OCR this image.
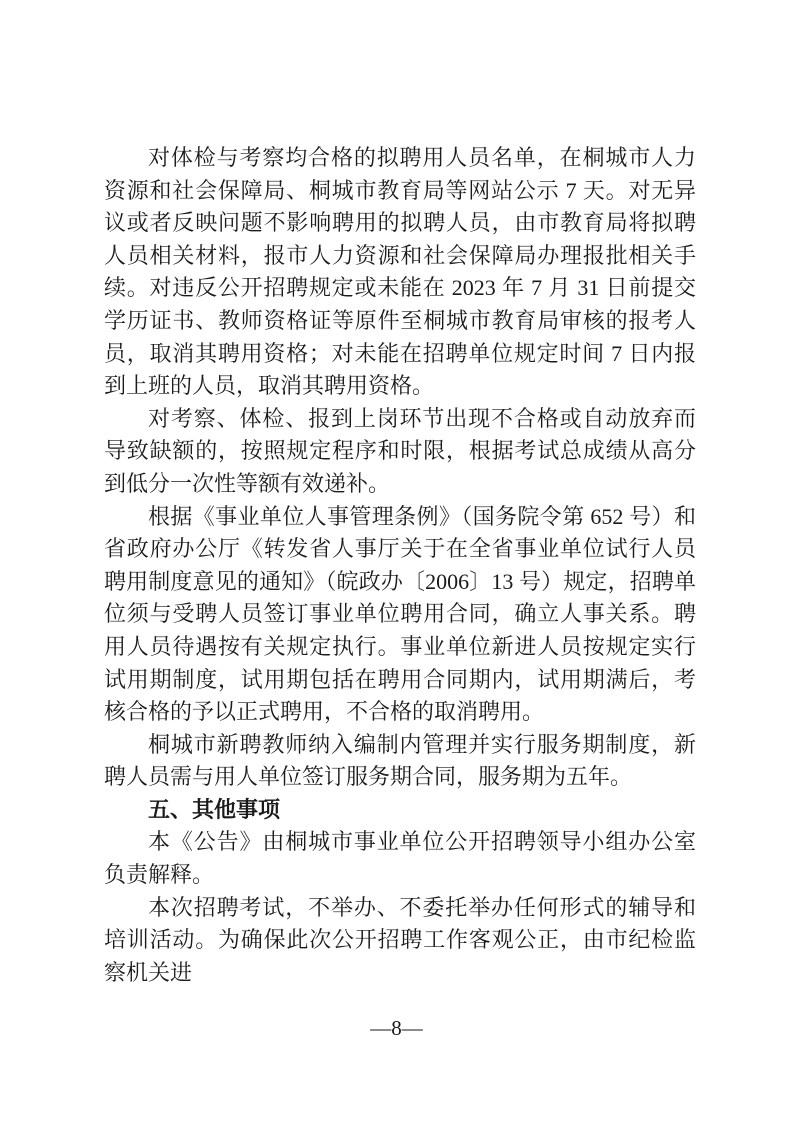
对体检与考察均合格的拟聘用人员名单，在桐城市人力资源和社会保障局、桐城市教育局等网站公示 7 天。对无异议或者反映问题不影响聘用的拟聘人员，由市教育局将拟聘人员相关材料，报市人力资源和社会保障局办理报批相关手续。对违反公开招聘规定或未能在 2023 年 7 月 31 日前提交学历证书、教师资格证等原件至桐城市教育局审核的报考人员，取消其聘用资格；对未能在招聘单位规定时间 7 日内报到上班的人员，取消其聘用资格。

对考察、体检、报到上岗环节出现不合格或自动放弃而导致缺额的，按照规定程序和时限，根据考试总成绩从高分到低分一次性等额有效递补。

根据《事业单位人事管理条例》（国务院令第 652 号）和省政府办公厅《转发省人事厅关于在全省事业单位试行人员聘用制度意见的通知》（皖政办〔2006〕13 号）规定，招聘单位须与受聘人员签订事业单位聘用合同，确立人事关系。聘用人员待遇按有关规定执行。事业单位新进人员按规定实行试用期制度，试用期包括在聘用合同期内，试用期满后，考核合格的予以正式聘用，不合格的取消聘用。

桐城市新聘教师纳入编制内管理并实行服务期制度，新聘人员需与用人单位签订服务期合同，服务期为五年。

五、其他事项

本《公告》由桐城市事业单位公开招聘领导小组办公室负责解释。

本次招聘考试，不举办、不委托举办任何形式的辅导和培训活动。为确保此次公开招聘工作客观公正，由市纪检监察机关进

—8—
